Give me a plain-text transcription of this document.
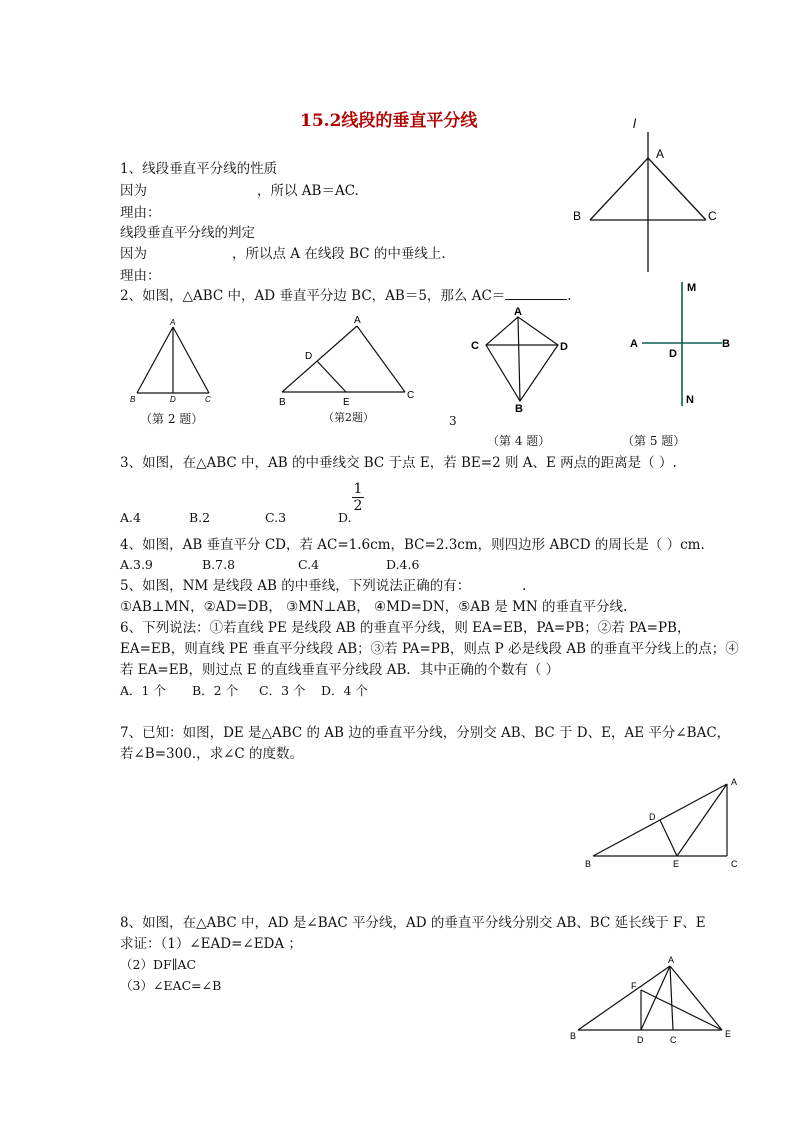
15.2线段的垂直平分线
1、线段垂直平分线的性质
因为	，所以 AB＝AC.
理由：
线段垂直平分线的判定
因为	，所以点 A 在线段 BC 的中垂线上.
理由：
l
A
B	C
2、如图，△ABC 中，AD 垂直平分边 BC，AB＝5，那么 AC＝	.
A
B	D	C
（第 2 题）
A
D
B	E
C
（第2题）	3
A
C	D
B
（第 4 题）
M
A
D
B
N
（第 5 题）
3、如图，在△ABC 中，AB 的中垂线交 BC 于点 E，若 BE=2 则 A、E 两点的距离是（ ）.
A.4	B.2	C.3	D.
$\frac{1}{2}$
4、如图，AB 垂直平分 CD，若 AC=1.6cm，BC=2.3cm，则四边形 ABCD 的周长是（ ）cm.
A.3.9	B.7.8	C.4	D.4.6
5、如图，NM 是线段 AB 的中垂线，下列说法正确的有：	.
①AB⊥MN，②AD=DB， ③MN⊥AB， ④MD=DN，⑤AB 是 MN 的垂直平分线.
6、下列说法：①若直线 PE 是线段 AB 的垂直平分线，则 EA=EB，PA=PB；②若 PA=PB，
EA=EB，则直线 PE 垂直平分线段 AB；③若 PA=PB，则点 P 必是线段 AB 的垂直平分线上的点；④
若 EA=EB，则过点 E 的直线垂直平分线段 AB．其中正确的个数有（ ）
A．1 个 B．2 个 C．3 个 D．4 个
7、已知：如图，DE 是△ABC 的 AB 边的垂直平分线，分别交 AB、BC 于 D、E，AE 平分∠BAC，
若∠B=300.，求∠C 的度数。
A
D
B	E	C
8、如图，在△ABC 中，AD 是∠BAC 平分线，AD 的垂直平分线分别交 AB、BC 延长线于 F、E
求证：（1）∠EAD=∠EDA ；
（2）DF∥AC
（3）∠EAC=∠B
A
F
B	D	C
E
